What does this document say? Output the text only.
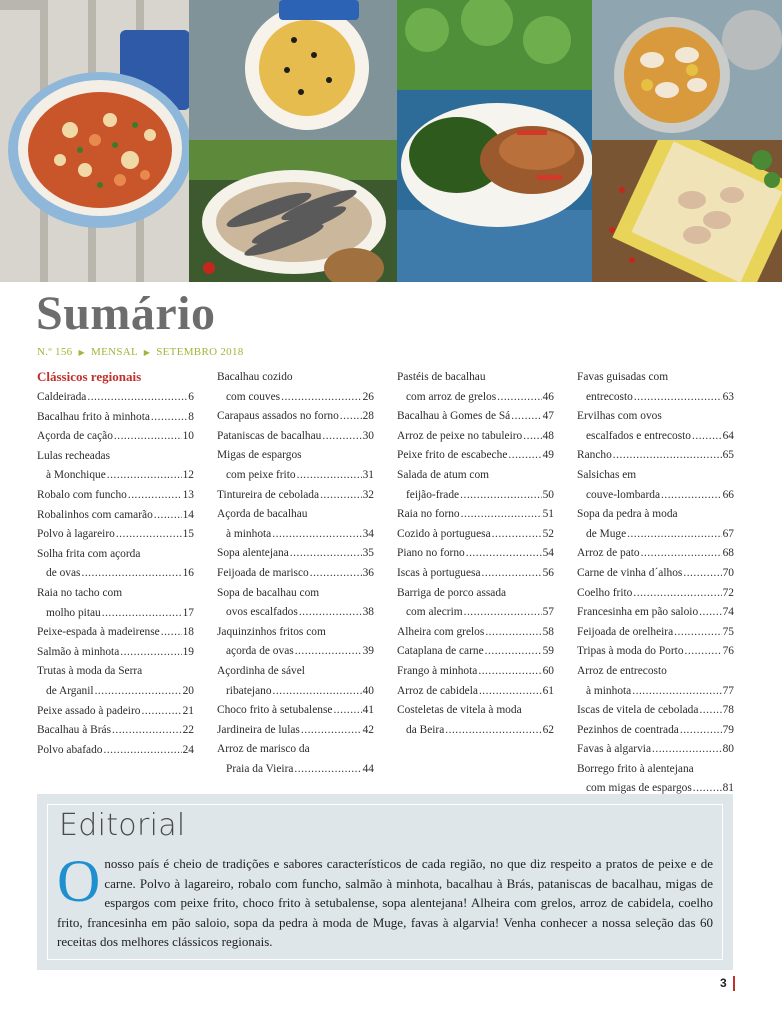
Sumário
N.º 156 ▶ MENSAL ▶ SETEMBRO 2018
Clássicos regionais
Caldeirada .....	6
Bacalhau frito à minhota .....	8
Açorda de cação .....	10
Lulas recheadas
à Monchique .....	12
Robalo com funcho .....	13
Robalinhos com camarão .....	14
Polvo à lagareiro .....	15
Solha frita com açorda
de ovas .....	16
Raia no tacho com
molho pitau .....	17
Peixe-espada à madeirense ..... 18
Salmão à minhota .....	19
Trutas à moda da Serra
de Arganil .....	20
Peixe assado à padeiro .....	21
Bacalhau à Brás .....	22
Polvo abafado .....	24
Bacalhau cozido
com couves .....	26
Carapaus assados no forno ..... 28
Pataniscas de bacalhau .....	30
Migas de espargos
com peixe frito .....	31
Tintureira de cebolada .....	32
Açorda de bacalhau
à minhota .....	34
Sopa alentejana .....	35
Feijoada de marisco .....	36
Sopa de bacalhau com
ovos escalfados .....	38
Jaquinzinhos fritos com
açorda de ovas .....	39
Açordinha de sável
ribatejano .....	40
Choco frito à setubalense .....	41
Jardineira de lulas .....	42
Arroz de marisco da
Praia da Vieira .....	44
Pastéis de bacalhau
com arroz de grelos .....	46
Bacalhau à Gomes de Sá .....	47
Arroz de peixe no tabuleiro ..... 48
Peixe frito de escabeche .....	49
Salada de atum com
feijão-frade .....	50
Raia no forno .....	51
Cozido à portuguesa .....	52
Piano no forno .....	54
Iscas à portuguesa .....	56
Barriga de porco assada
com alecrim .....	57
Alheira com grelos .....	58
Cataplana de carne .....	59
Frango à minhota .....	60
Arroz de cabidela .....	61
Costeletas de vitela à moda
da Beira .....	62
Favas guisadas com
entrecosto .....	63
Ervilhas com ovos
escalfados e entrecosto .....	64
Rancho .....	65
Salsichas em
couve-lombarda .....	66
Sopa da pedra à moda
de Muge .....	67
Arroz de pato .....	68
Carne de vinha d´alhos .....	70
Coelho frito .....	72
Francesinha em pão saloio ..... 74
Feijoada de orelheira .....	75
Tripas à moda do Porto .....	76
Arroz de entrecosto
à minhota .....	77
Iscas de vitela de cebolada ..... 78
Pezinhos de coentrada .....	79
Favas à algarvia .....	80
Borrego frito à alentejana
com migas de espargos .....	81
Editorial
O nosso país é cheio de tradições e sabores característicos de cada região, no que diz respeito a pratos de peixe e de carne. Polvo à lagareiro, robalo com funcho, salmão à minhota, bacalhau à Brás, pataniscas de bacalhau, migas de espargos com peixe frito, choco frito à setubalense, sopa alentejana! Alheira com grelos, arroz de cabidela, coelho frito, francesinha em pão saloio, sopa da pedra à moda de Muge, favas à algarvia! Venha conhecer a nossa seleção das 60 receitas dos melhores clássicos regionais.
3
